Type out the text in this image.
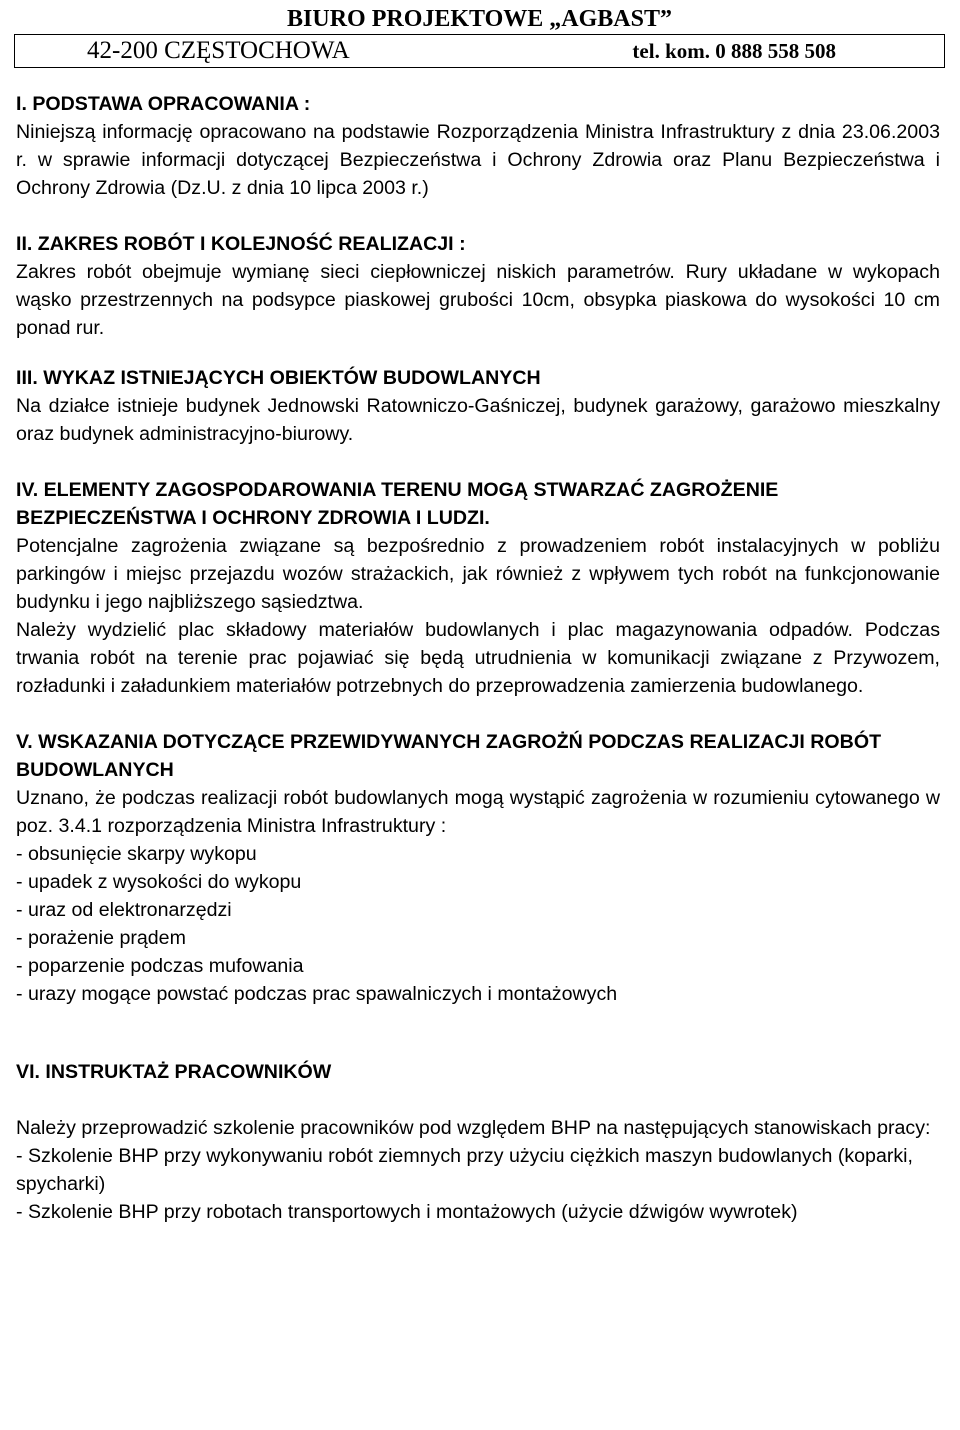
BIURO PROJEKTOWE „AGBAST”
42-200 CZĘSTOCHOWA	tel. kom. 0 888 558 508

I. PODSTAWA OPRACOWANIA :

Niniejszą informację opracowano na podstawie Rozporządzenia Ministra Infrastruktury z dnia 23.06.2003 r. w sprawie informacji dotyczącej Bezpieczeństwa i Ochrony Zdrowia oraz Planu Bezpieczeństwa i Ochrony Zdrowia (Dz.U. z dnia 10 lipca 2003 r.)

II. ZAKRES ROBÓT I KOLEJNOŚĆ REALIZACJI :

Zakres robót obejmuje wymianę sieci ciepłowniczej niskich parametrów. Rury układane w wykopach wąsko przestrzennych na podsypce piaskowej grubości 10cm, obsypka piaskowa do wysokości 10 cm ponad rur.

III. WYKAZ ISTNIEJĄCYCH OBIEKTÓW BUDOWLANYCH

Na działce istnieje budynek Jednowski Ratowniczo-Gaśniczej, budynek garażowy, garażowo mieszkalny oraz budynek administracyjno-biurowy.

IV. ELEMENTY ZAGOSPODAROWANIA TERENU MOGĄ STWARZAĆ ZAGROŻENIE BEZPIECZEŃSTWA I OCHRONY ZDROWIA I LUDZI.

Potencjalne zagrożenia związane są bezpośrednio z prowadzeniem robót instalacyjnych w pobliżu parkingów i miejsc przejazdu wozów strażackich, jak również z wpływem tych robót na funkcjonowanie budynku i jego najbliższego sąsiedztwa.

Należy wydzielić plac składowy materiałów budowlanych i plac magazynowania odpadów. Podczas trwania robót na terenie prac pojawiać się będą utrudnienia w komunikacji związane z Przywozem, rozładunki i załadunkiem materiałów potrzebnych do przeprowadzenia zamierzenia budowlanego.

V. WSKAZANIA DOTYCZĄCE PRZEWIDYWANYCH ZAGROŻŃ PODCZAS REALIZACJI ROBÓT BUDOWLANYCH

Uznano, że podczas realizacji robót budowlanych mogą wystąpić zagrożenia w rozumieniu cytowanego w poz. 3.4.1 rozporządzenia Ministra Infrastruktury :

- obsunięcie skarpy wykopu

- upadek z wysokości do wykopu

- uraz od elektronarzędzi

- porażenie prądem

- poparzenie podczas mufowania

- urazy mogące powstać podczas prac spawalniczych i montażowych

VI. INSTRUKTAŻ PRACOWNIKÓW

Należy przeprowadzić szkolenie pracowników pod względem BHP na następujących stanowiskach pracy:

- Szkolenie BHP przy wykonywaniu robót ziemnych przy użyciu ciężkich maszyn budowlanych (koparki, spycharki)

- Szkolenie BHP przy robotach transportowych i montażowych (użycie dźwigów wywrotek)
